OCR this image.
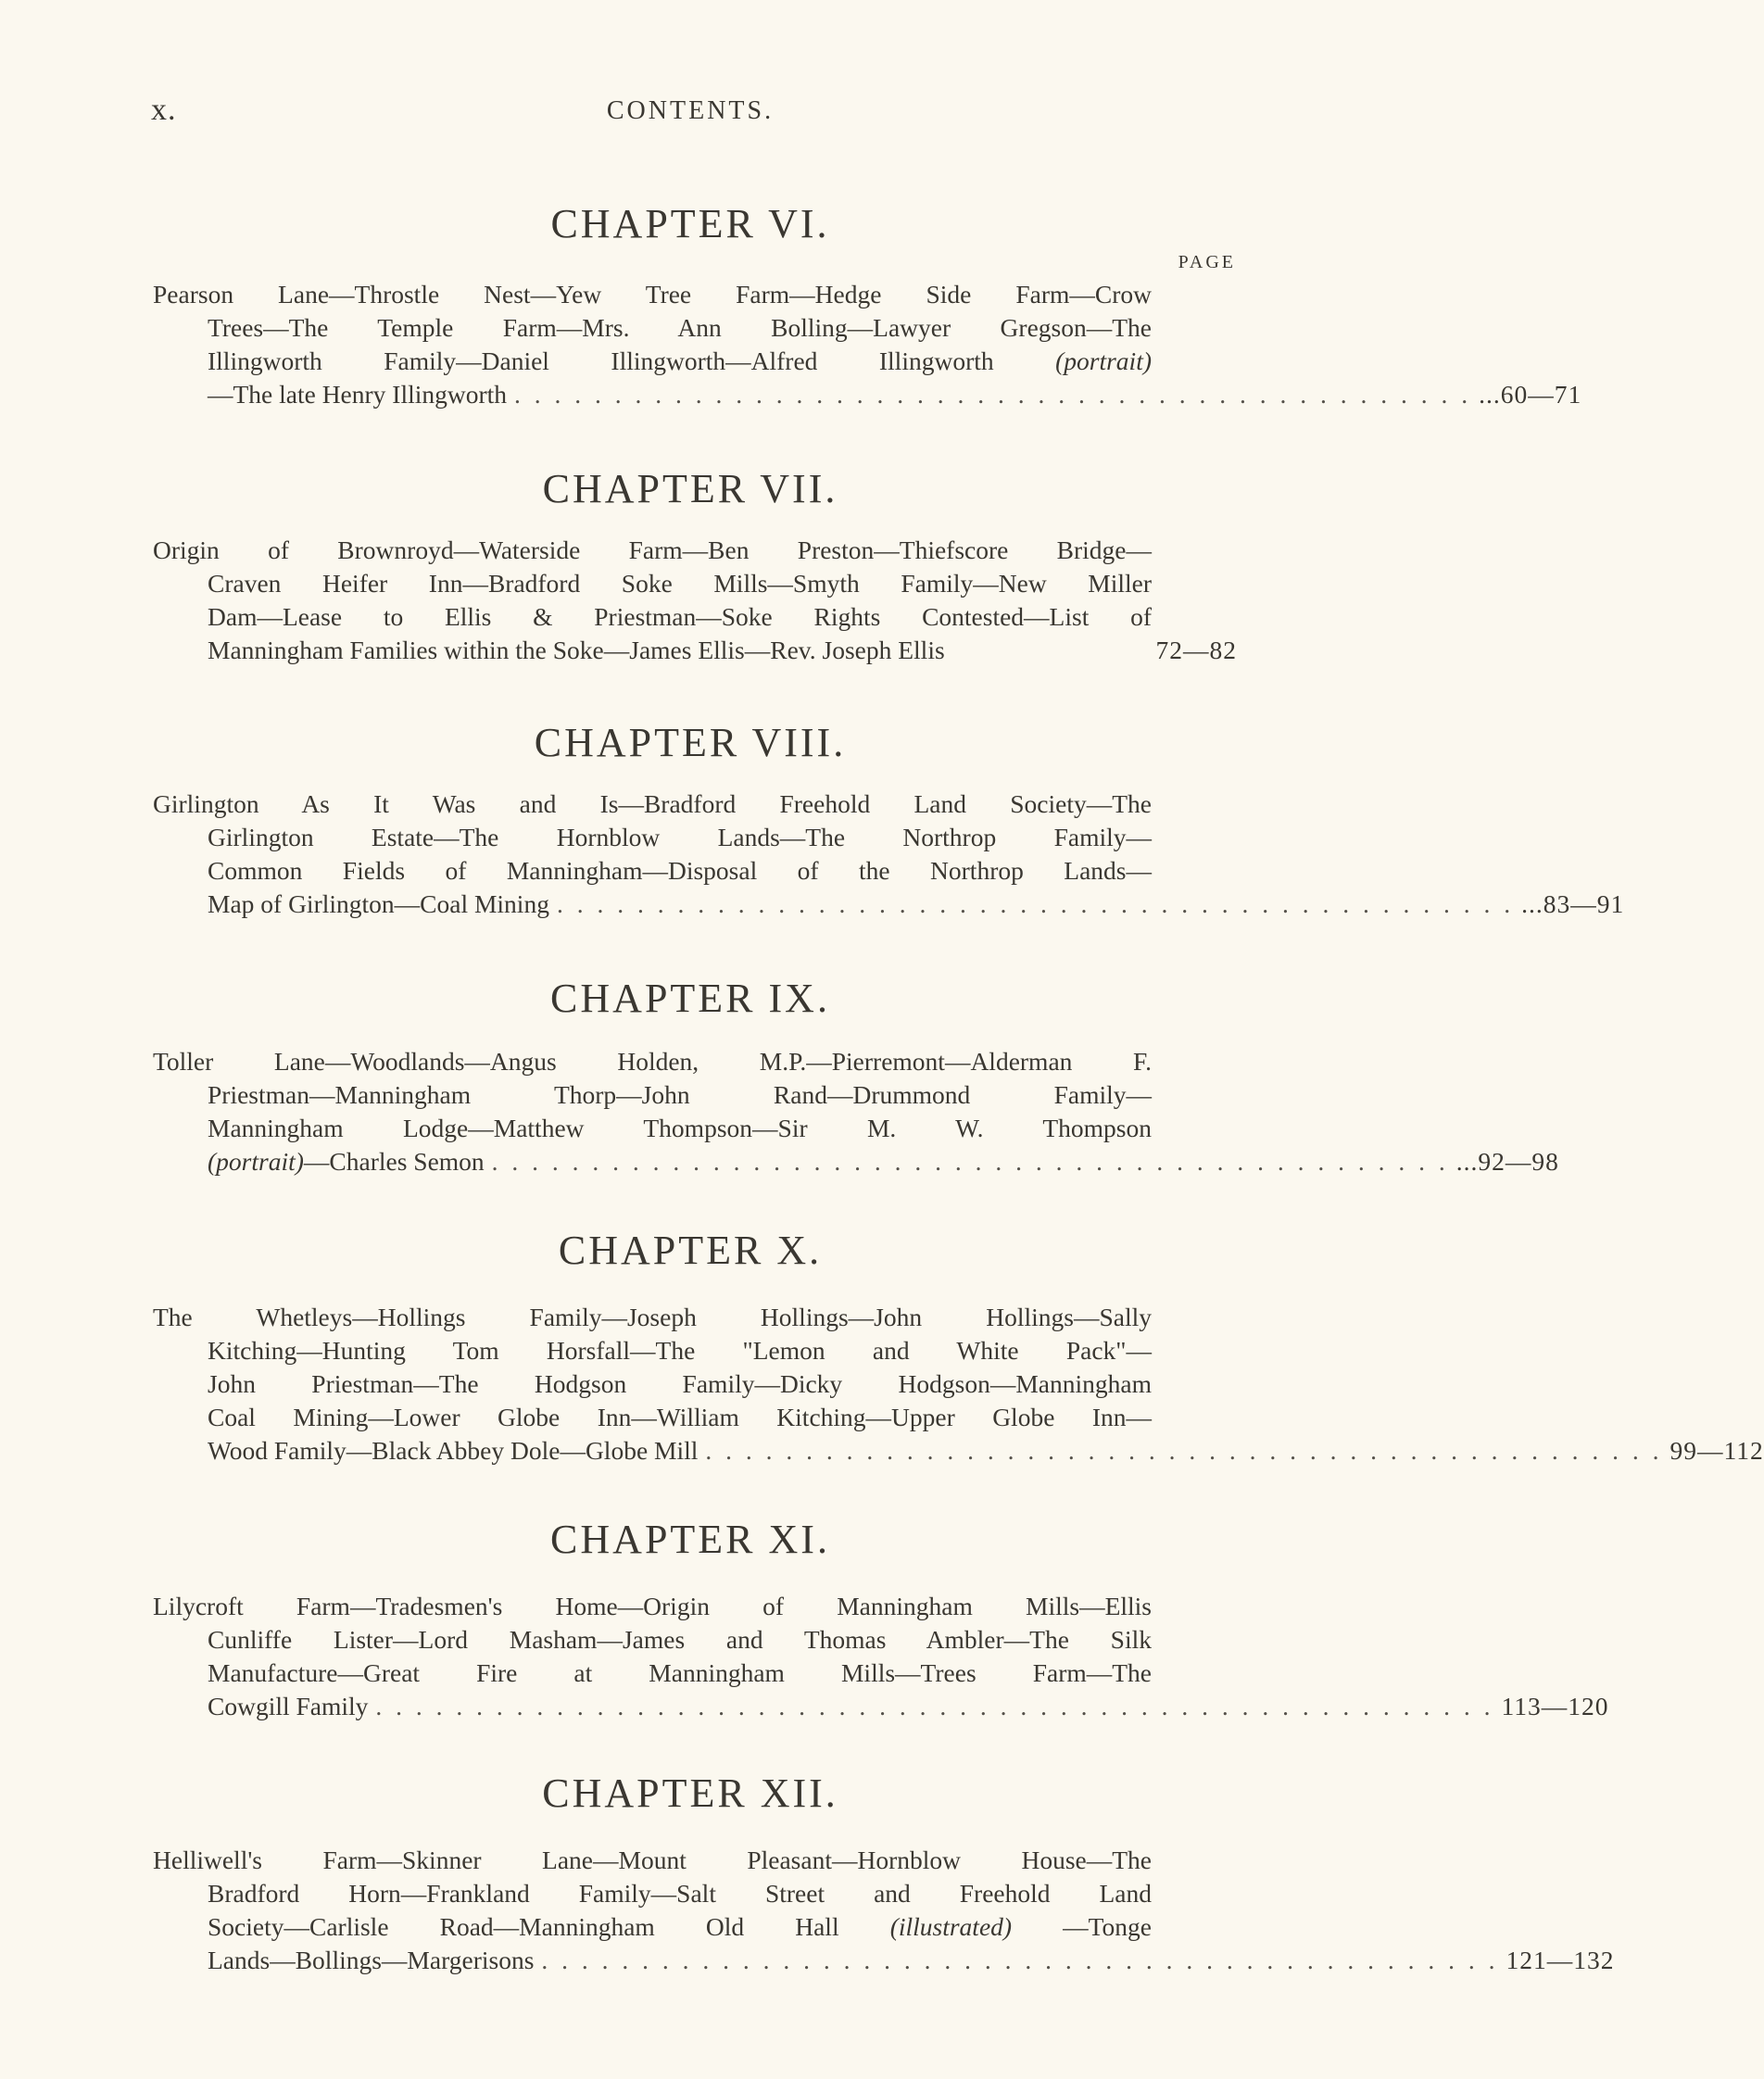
x.	CONTENTS.
CHAPTER VI.
PAGE
Pearson Lane—Throstle Nest—Yew Tree Farm—Hedge Side Farm—Crow
Trees—The Temple Farm—Mrs. Ann Bolling—Lawyer Gregson—The
Illingworth Family—Daniel Illingworth—Alfred Illingworth (portrait)
—The late Henry Illingworth . . . . . . . . . . . . . . . . . . . . . . . . . . . . . . . . . . . . . . . . . . . . . . . . ...60—71
CHAPTER VII.
Origin of Brownroyd—Waterside Farm—Ben Preston—Thiefscore Bridge—
Craven Heifer Inn—Bradford Soke Mills—Smyth Family—New Miller
Dam—Lease to Ellis & Priestman—Soke Rights Contested—List of
Manningham Families within the Soke—James Ellis—Rev. Joseph Ellis	72—82
CHAPTER VIII.
Girlington As It Was and Is—Bradford Freehold Land Society—The
Girlington Estate—The Hornblow Lands—The Northrop Family—
Common Fields of Manningham—Disposal of the Northrop Lands—
Map of Girlington—Coal Mining . . . . . . . . . . . . . . . . . . . . . . . . . . . . . . . . . . . . . . . . . . . . . . . . ...83—91
CHAPTER IX.
Toller Lane—Woodlands—Angus Holden, M.P.—Pierremont—Alderman F.
Priestman—Manningham Thorp—John Rand—Drummond Family—
Manningham Lodge—Matthew Thompson—Sir M. W. Thompson
(portrait)—Charles Semon . . . . . . . . . . . . . . . . . . . . . . . . . . . . . . . . . . . . . . . . . . . . . . . . ...92—98
CHAPTER X.
The Whetleys—Hollings Family—Joseph Hollings—John Hollings—Sally
Kitching—Hunting Tom Horsfall—The "Lemon and White Pack"—
John Priestman—The Hodgson Family—Dicky Hodgson—Manningham
Coal Mining—Lower Globe Inn—William Kitching—Upper Globe Inn—
Wood Family—Black Abbey Dole—Globe Mill . . . . . . . . . . . . . . . . . . . . . . . . . . . . . . . . . . . . . . . . . . . . . . . . 99—112
CHAPTER XI.
Lilycroft Farm—Tradesmen's Home—Origin of Manningham Mills—Ellis
Cunliffe Lister—Lord Masham—James and Thomas Ambler—The Silk
Manufacture—Great Fire at Manningham Mills—Trees Farm—The
Cowgill Family . . . . . . . . . . . . . . . . . . . . . . . . . . . . . . . . . . . . . . . . . . . . . . . . . . . . . . . . 113—120
CHAPTER XII.
Helliwell's Farm—Skinner Lane—Mount Pleasant—Hornblow House—The
Bradford Horn—Frankland Family—Salt Street and Freehold Land
Society—Carlisle Road—Manningham Old Hall (illustrated) —Tonge
Lands—Bollings—Margerisons . . . . . . . . . . . . . . . . . . . . . . . . . . . . . . . . . . . . . . . . . . . . . . . . 121—132
